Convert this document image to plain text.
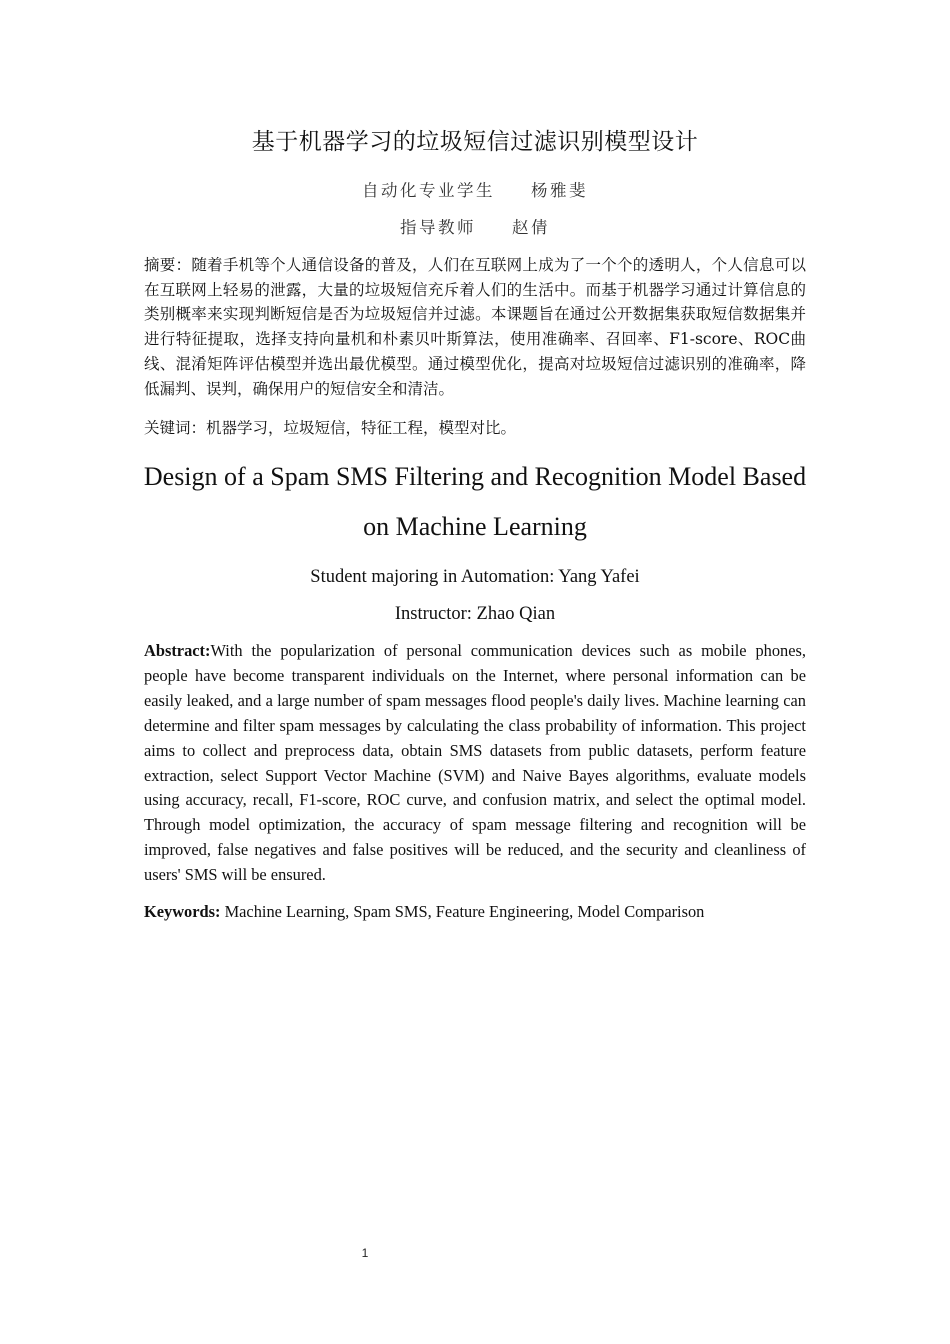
基于机器学习的垃圾短信过滤识别模型设计
自动化专业学生 杨雅斐
指导教师 赵倩
摘要：随着手机等个人通信设备的普及，人们在互联网上成为了一个个的透明人，个人信息可以在互联网上轻易的泄露，大量的垃圾短信充斥着人们的生活中。而基于机器学习通过计算信息的类别概率来实现判断短信是否为垃圾短信并过滤。本课题旨在通过公开数据集获取短信数据集并进行特征提取，选择支持向量机和朴素贝叶斯算法，使用准确率、召回率、F1-score、ROC曲线、混淆矩阵评估模型并选出最优模型。通过模型优化，提高对垃圾短信过滤识别的准确率，降低漏判、误判，确保用户的短信安全和清洁。
关键词：机器学习，垃圾短信，特征工程，模型对比。
Design of a Spam SMS Filtering and Recognition Model Based on Machine Learning
Student majoring in Automation: Yang Yafei
Instructor: Zhao Qian
Abstract:With the popularization of personal communication devices such as mobile phones, people have become transparent individuals on the Internet, where personal information can be easily leaked, and a large number of spam messages flood people's daily lives. Machine learning can determine and filter spam messages by calculating the class probability of information. This project aims to collect and preprocess data, obtain SMS datasets from public datasets, perform feature extraction, select Support Vector Machine (SVM) and Naive Bayes algorithms, evaluate models using accuracy, recall, F1-score, ROC curve, and confusion matrix, and select the optimal model. Through model optimization, the accuracy of spam message filtering and recognition will be improved, false negatives and false positives will be reduced, and the security and cleanliness of users' SMS will be ensured.
Keywords: Machine Learning, Spam SMS, Feature Engineering, Model Comparison
1
